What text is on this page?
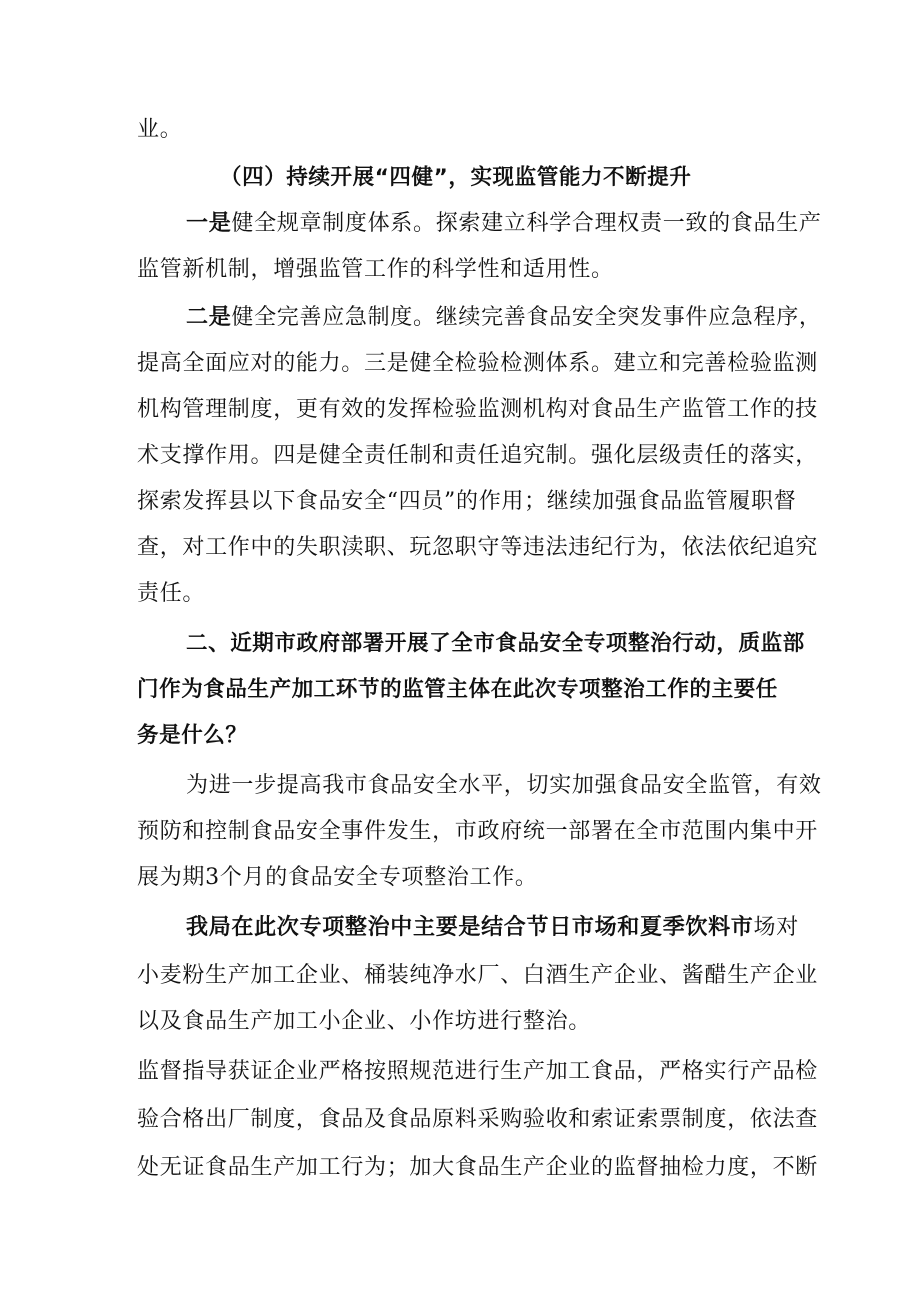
业。
（四）持续开展“四健”，实现监管能力不断提升
一是健全规章制度体系。探索建立科学合理权责一致的食品生产
监管新机制，增强监管工作的科学性和适用性。
二是健全完善应急制度。继续完善食品安全突发事件应急程序，
提高全面应对的能力。三是健全检验检测体系。建立和完善检验监测
机构管理制度，更有效的发挥检验监测机构对食品生产监管工作的技
术支撑作用。四是健全责任制和责任追究制。强化层级责任的落实，
探索发挥县以下食品安全“四员”的作用；继续加强食品监管履职督
查，对工作中的失职渎职、玩忽职守等违法违纪行为，依法依纪追究
责任。
二、近期市政府部署开展了全市食品安全专项整治行动，质监部
门作为食品生产加工环节的监管主体在此次专项整治工作的主要任
务是什么？
为进一步提高我市食品安全水平，切实加强食品安全监管，有效
预防和控制食品安全事件发生，市政府统一部署在全市范围内集中开
展为期3个月的食品安全专项整治工作。
我局在此次专项整治中主要是结合节日市场和夏季饮料市场对
小麦粉生产加工企业、桶装纯净水厂、白酒生产企业、酱醋生产企业
以及食品生产加工小企业、小作坊进行整治。
监督指导获证企业严格按照规范进行生产加工食品，严格实行产品检
验合格出厂制度，食品及食品原料采购验收和索证索票制度，依法查
处无证食品生产加工行为；加大食品生产企业的监督抽检力度，不断
